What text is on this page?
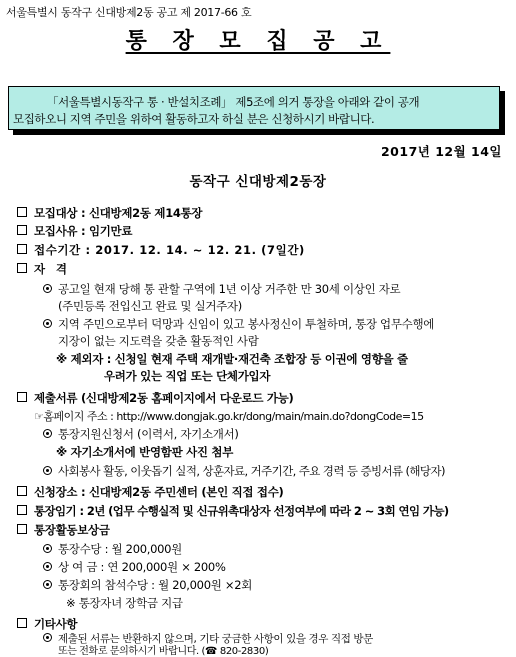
서울특별시 동작구 신대방제2동 공고 제 2017-66 호
통 장 모 집 공 고
「서울특별시동작구 통 · 반설치조례」 제5조에 의거 통장을 아래와 같이 공개
모집하오니 지역 주민을 위하여 활동하고자 하실 분은 신청하시기 바랍니다.
2017년 12월 14일
동작구 신대방제2동장
모집대상 : 신대방제2동 제14통장
모집사유 : 임기만료
접수기간 : 2017. 12. 14. ~ 12. 21. (7일간)
자   격
공고일 현재 당해 통 관할 구역에 1년 이상 거주한 만 30세 이상인 자로
(주민등록 전입신고 완료 및 실거주자)
지역 주민으로부터 덕망과 신임이 있고 봉사정신이 투철하며, 통장 업무수행에
지장이 없는 지도력을 갖춘 활동적인 사람
※ 제외자 : 신청일 현재 주택 재개발·재건축 조합장 등 이권에 영향을 줄
우려가 있는 직업 또는 단체가입자
제출서류 (신대방제2동 홈페이지에서 다운로드 가능)
☞홈페이지 주소 : http://www.dongjak.go.kr/dong/main/main.do?dongCode=15
통장지원신청서 (이력서, 자기소개서)
※ 자기소개서에 반영함판 사진 첨부
사회봉사 활동, 이웃돕기 실적, 상훈자료, 거주기간, 주요 경력 등 증빙서류 (해당자)
신청장소 : 신대방제2동 주민센터 (본인 직접 접수)
통장임기 : 2년 (업무 수행실적 및 신규위촉대상자 선정여부에 따라 2 ~ 3회 연임 가능)
통장활동보상금
통장수당 : 월 200,000원
상 여 금 : 연 200,000원 × 200%
통장회의 참석수당 : 월 20,000원 ×2회
※ 통장자녀 장학금 지급
기타사항
제출된 서류는 반환하지 않으며, 기타 궁금한 사항이 있을 경우 직접 방문
또는 전화로 문의하시기 바랍니다. (☎ 820-2830)
